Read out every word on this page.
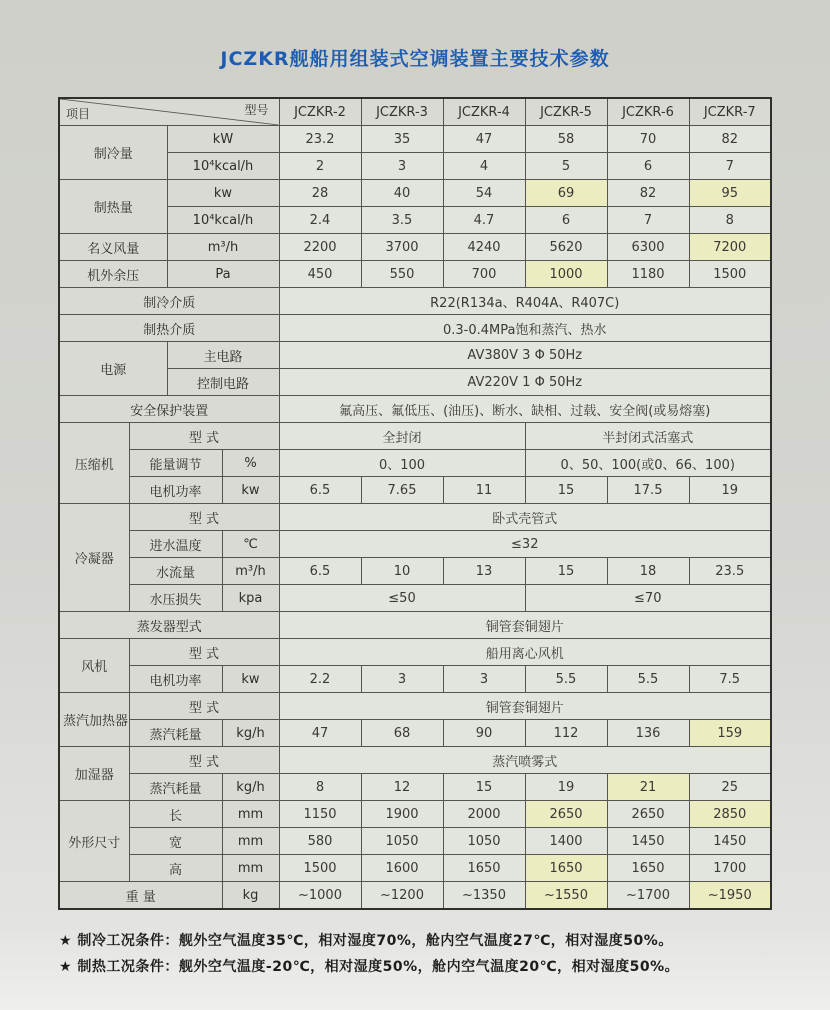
JCZKR舰船用组装式空调装置主要技术参数
型号
项目				JCZKR-2	JCZKR-3	JCZKR-4	JCZKR-5	JCZKR-6	JCZKR-7
制冷量		kW		23.2	35	47	58	70	82
		10⁴kcal/h		2	3	4	5	6	7
制热量		kw		28	40	54	69	82	95
		10⁴kcal/h		2.4	3.5	4.7	6	7	8
名义风量		m³/h		2200	3700	4240	5620	6300	7200
机外余压		Pa		450	550	700	1000	1180	1500
制冷介质				R22(R134a、R404A、R407C)					
制热介质				0.3-0.4MPa饱和蒸汽、热水					
电源		主电路		AV380V 3 Φ 50Hz					
		控制电路		AV220V 1 Φ 50Hz					
安全保护装置				氟高压、氟低压、(油压)、断水、缺相、过载、安全阀(或易熔塞)					
压缩机	型 式			全封闭			半封闭式活塞式		
	能量调节		%	0、100			0、50、100(或0、66、100)		
	电机功率		kw	6.5	7.65	11	15	17.5	19
冷凝器	型 式			卧式壳管式					
	进水温度		℃	≤32					
	水流量		m³/h	6.5	10	13	15	18	23.5
	水压损失		kpa	≤50			≤70		
蒸发器型式				铜管套铜翅片					
风机	型 式			船用离心风机					
	电机功率		kw	2.2	3	3	5.5	5.5	7.5
蒸汽加热器	型 式			铜管套铜翅片					
	蒸汽耗量		kg/h	47	68	90	112	136	159
加湿器	型 式			蒸汽喷雾式					
	蒸汽耗量		kg/h	8	12	15	19	21	25
外形尺寸	长		mm	1150	1900	2000	2650	2650	2850
	宽		mm	580	1050	1050	1400	1450	1450
	高		mm	1500	1600	1650	1650	1650	1700
重 量			kg	~1000	~1200	~1350	~1550	~1700	~1950

★ 制冷工况条件：舰外空气温度35℃，相对湿度70%，舱内空气温度27℃，相对湿度50%。

★ 制热工况条件：舰外空气温度-20℃，相对湿度50%，舱内空气温度20℃，相对湿度50%。
